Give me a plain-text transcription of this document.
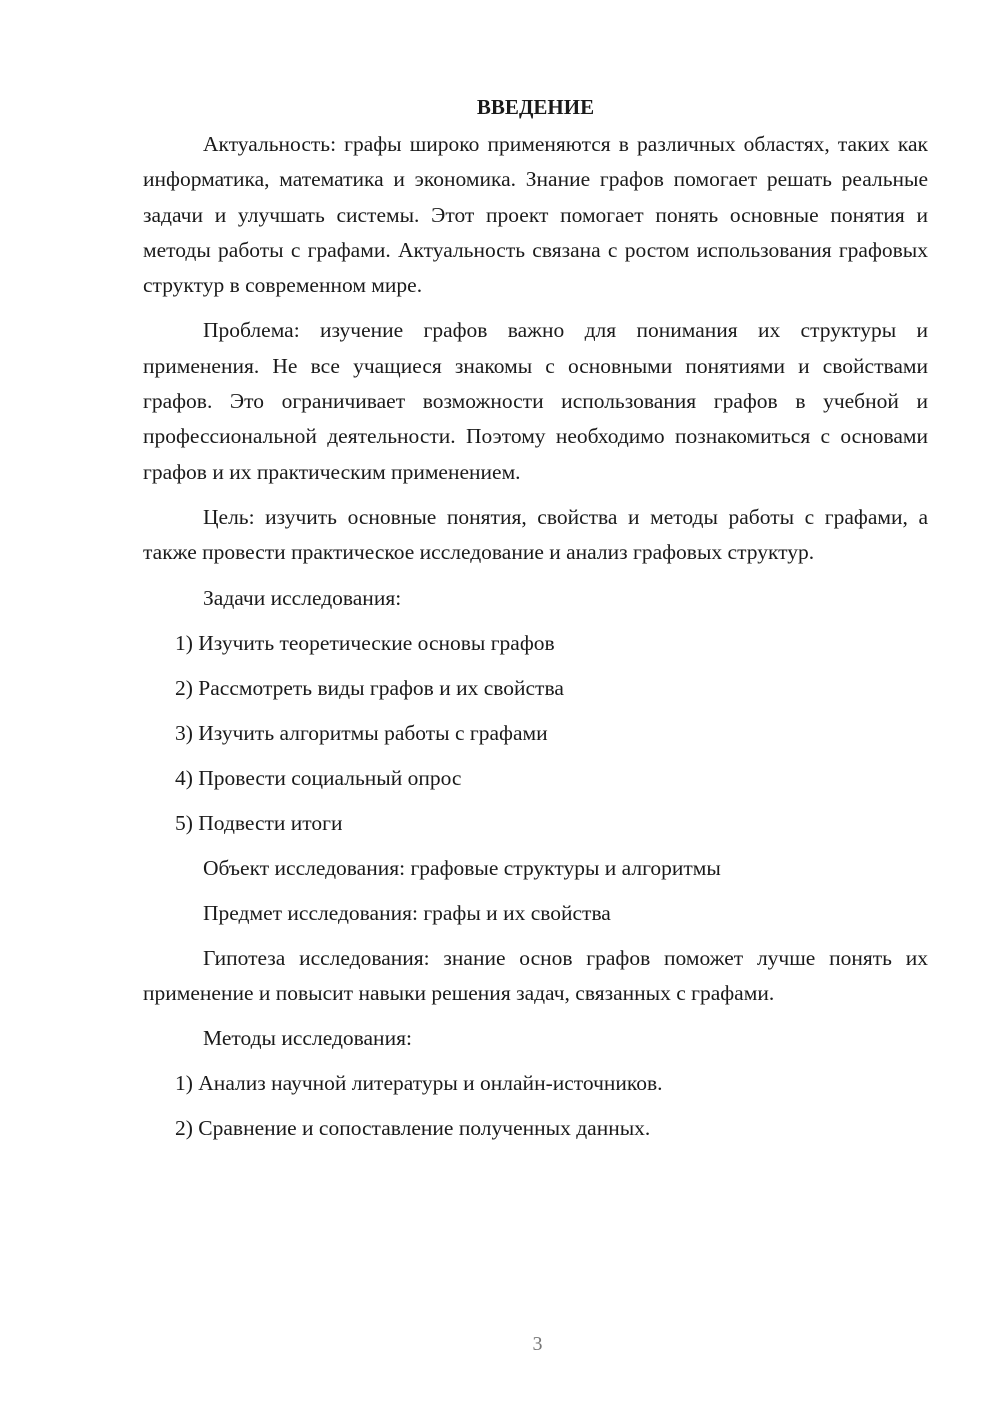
ВВЕДЕНИЕ

Актуальность: графы широко применяются в различных областях, таких как информатика, математика и экономика. Знание графов помогает решать реальные задачи и улучшать системы. Этот проект помогает понять основные понятия и методы работы с графами. Актуальность связана с ростом использования графовых структур в современном мире.

Проблема: изучение графов важно для понимания их структуры и применения. Не все учащиеся знакомы с основными понятиями и свойствами графов. Это ограничивает возможности использования графов в учебной и профессиональной деятельности. Поэтому необходимо познакомиться с основами графов и их практическим применением.

Цель: изучить основные понятия, свойства и методы работы с графами, а также провести практическое исследование и анализ графовых структур.

Задачи исследования:
1) Изучить теоретические основы графов
2) Рассмотреть виды графов и их свойства
3) Изучить алгоритмы работы с графами
4) Провести социальный опрос
5) Подвести итоги
Объект исследования: графовые структуры и алгоритмы
Предмет исследования: графы и их свойства

Гипотеза исследования: знание основ графов поможет лучше понять их применение и повысит навыки решения задач, связанных с графами.

Методы исследования:
1) Анализ научной литературы и онлайн-источников.
2) Сравнение и сопоставление полученных данных.
3
